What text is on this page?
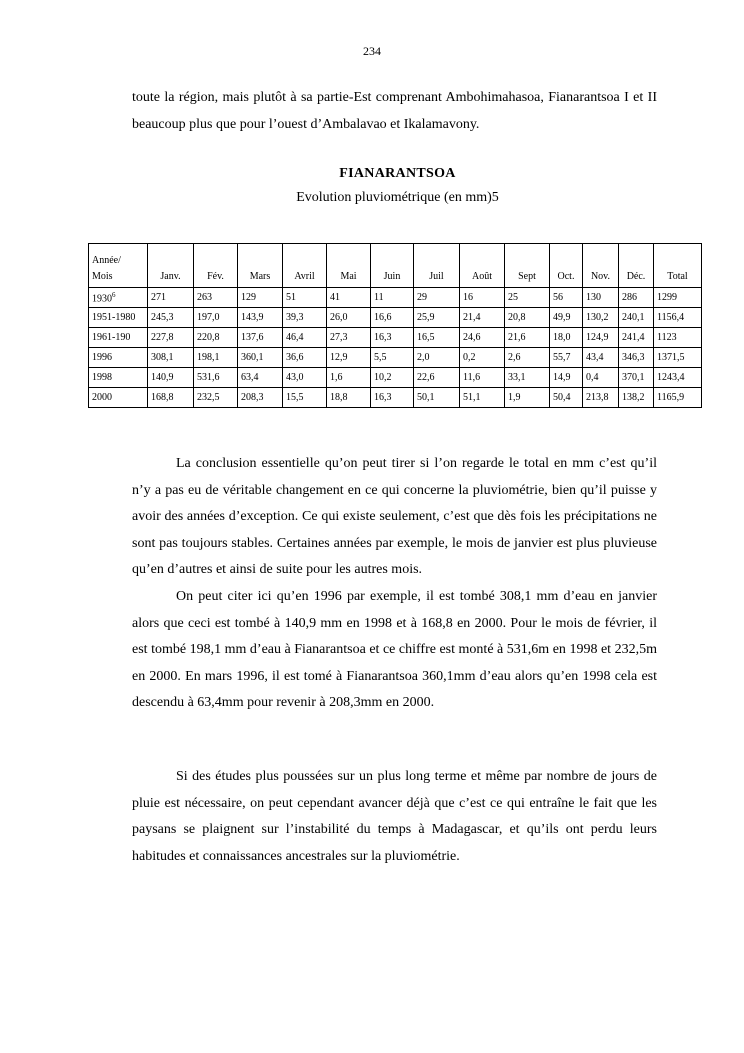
234

toute la région, mais plutôt à sa partie-Est comprenant Ambohimahasoa, Fianarantsoa I et II beaucoup plus que pour l’ouest d’Ambalavao et Ikalamavony.

FIANARANTSOA
Evolution pluviométrique (en mm)5
Année/
Mois	Janv.	Fév.	Mars	Avril	Mai	Juin	Juil	Août	Sept	Oct.	Nov.	Déc.	Total
1930$^6$	271	263	129	51	41	11	29	16	25	56	130	286	1299
1951-1980	245,3	197,0	143,9	39,3	26,0	16,6	25,9	21,4	20,8	49,9	130,2	240,1	1156,4
1961-190	227,8	220,8	137,6	46,4	27,3	16,3	16,5	24,6	21,6	18,0	124,9	241,4	1123
1996	308,1	198,1	360,1	36,6	12,9	5,5	2,0	0,2	2,6	55,7	43,4	346,3	1371,5
1998	140,9	531,6	63,4	43,0	1,6	10,2	22,6	11,6	33,1	14,9	0,4	370,1	1243,4
2000	168,8	232,5	208,3	15,5	18,8	16,3	50,1	51,1	1,9	50,4	213,8	138,2	1165,9

La conclusion essentielle qu’on peut tirer si l’on regarde le total en mm c’est qu’il n’y a pas eu de véritable changement en ce qui concerne la pluviométrie, bien qu’il puisse y avoir des années d’exception. Ce qui existe seulement, c’est que dès fois les précipitations ne sont pas toujours stables. Certaines années par exemple, le mois de janvier est plus pluvieuse qu’en d’autres et ainsi de suite pour les autres mois.
On peut citer ici qu’en 1996 par exemple, il est tombé 308,1 mm d’eau en janvier alors que ceci est tombé à 140,9 mm en 1998 et à 168,8 en 2000. Pour le mois de février, il est tombé 198,1 mm d’eau à Fianarantsoa et ce chiffre est monté à 531,6m en 1998 et 232,5m en 2000. En mars 1996, il est tomé à Fianarantsoa 360,1mm d’eau alors qu’en 1998 cela est descendu à 63,4mm pour revenir à 208,3mm en 2000.

Si des études plus poussées sur un plus long terme et même par nombre de jours de pluie est nécessaire, on peut cependant avancer déjà que c’est ce qui entraîne le fait que les paysans se plaignent sur l’instabilité du temps à Madagascar, et qu’ils ont perdu leurs habitudes et connaissances ancestrales sur la pluviométrie.
